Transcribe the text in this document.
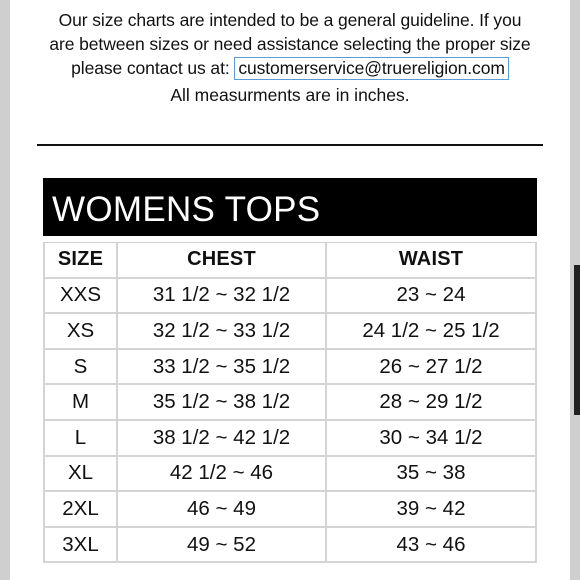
Our size charts are intended to be a general guideline. If you

are between sizes or need assistance selecting the proper size

please contact us at: customerservice@truereligion.com

All measurments are in inches.
WOMENS TOPS
SIZE	CHEST	WAIST
XXS	31 1/2 ~ 32 1/2	23 ~ 24
XS	32 1/2 ~ 33 1/2	24 1/2 ~ 25 1/2
S	33 1/2 ~ 35 1/2	26 ~ 27 1/2
M	35 1/2 ~ 38 1/2	28 ~ 29 1/2
L	38 1/2 ~ 42 1/2	30 ~ 34 1/2
XL	42 1/2 ~ 46	35 ~ 38
2XL	46 ~ 49	39 ~ 42
3XL	49 ~ 52	43 ~ 46
